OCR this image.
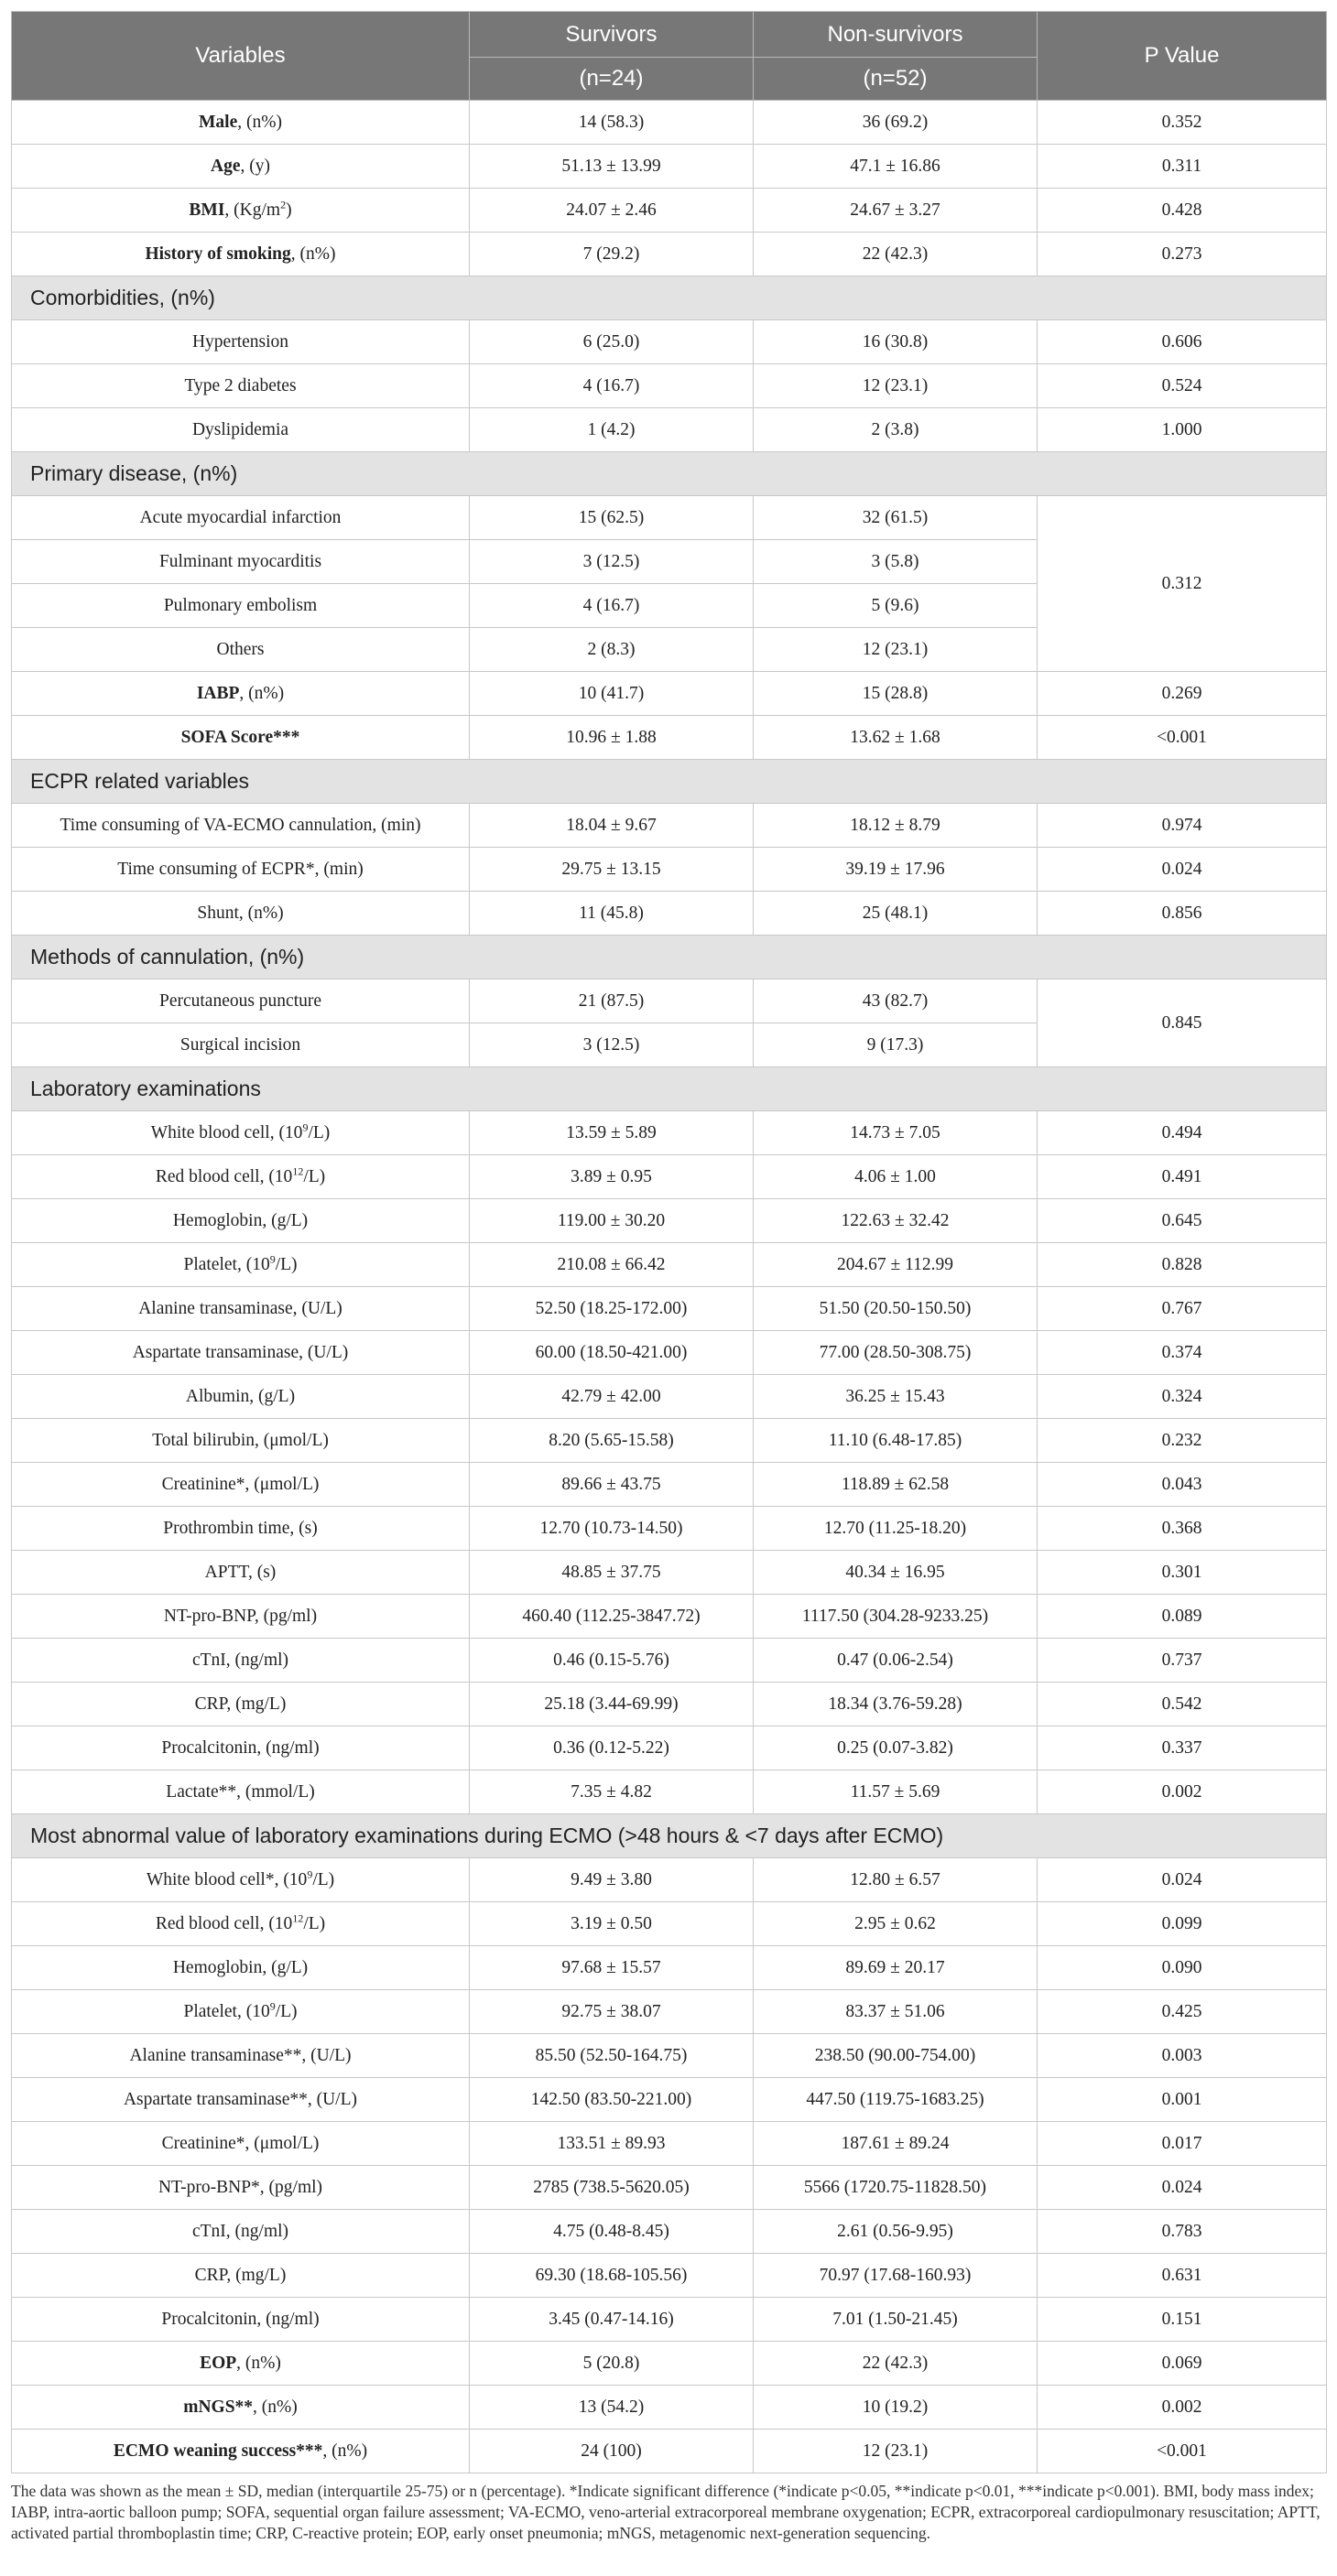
Variables	Survivors	Non-survivors	P Value
	(n=24)	(n=52)	
Male, (n%)	14 (58.3)	36 (69.2)	0.352
Age, (y)	51.13 ± 13.99	47.1 ± 16.86	0.311
BMI, $(Kg/m^2)$	24.07 ± 2.46	24.67 ± 3.27	0.428
History of smoking, (n%)	7 (29.2)	22 (42.3)	0.273
Comorbidities, (n%)			
Hypertension	6 (25.0)	16 (30.8)	0.606
Type 2 diabetes	4 (16.7)	12 (23.1)	0.524
Dyslipidemia	1 (4.2)	2 (3.8)	1.000
Primary disease, (n%)			
Acute myocardial infarction	15 (62.5)	32 (61.5)	0.312
Fulminant myocarditis	3 (12.5)	3 (5.8)	
Pulmonary embolism	4 (16.7)	5 (9.6)	
Others	2 (8.3)	12 (23.1)	
IABP, (n%)	10 (41.7)	15 (28.8)	0.269
SOFA Score***	10.96 ± 1.88	13.62 ± 1.68	<0.001
ECPR related variables			
Time consuming of VA-ECMO cannulation, (min)	18.04 ± 9.67	18.12 ± 8.79	0.974
Time consuming of ECPR*, (min)	29.75 ± 13.15	39.19 ± 17.96	0.024
Shunt, (n%)	11 (45.8)	25 (48.1)	0.856
Methods of cannulation, (n%)			
Percutaneous puncture	21 (87.5)	43 (82.7)	0.845
Surgical incision	3 (12.5)	9 (17.3)	
Laboratory examinations			
White blood cell, $(10^9/L)$	13.59 ± 5.89	14.73 ± 7.05	0.494
Red blood cell, $(10^{12}/L)$	3.89 ± 0.95	4.06 ± 1.00	0.491
Hemoglobin, (g/L)	119.00 ± 30.20	122.63 ± 32.42	0.645
Platelet, $(10^9/L)$	210.08 ± 66.42	204.67 ± 112.99	0.828
Alanine transaminase, (U/L)	52.50 (18.25-172.00)	51.50 (20.50-150.50)	0.767
Aspartate transaminase, (U/L)	60.00 (18.50-421.00)	77.00 (28.50-308.75)	0.374
Albumin, (g/L)	42.79 ± 42.00	36.25 ± 15.43	0.324
Total bilirubin, (μmol/L)	8.20 (5.65-15.58)	11.10 (6.48-17.85)	0.232
Creatinine*, (μmol/L)	89.66 ± 43.75	118.89 ± 62.58	0.043
Prothrombin time, (s)	12.70 (10.73-14.50)	12.70 (11.25-18.20)	0.368
APTT, (s)	48.85 ± 37.75	40.34 ± 16.95	0.301
NT-pro-BNP, (pg/ml)	460.40 (112.25-3847.72)	1117.50 (304.28-9233.25)	0.089
cTnI, (ng/ml)	0.46 (0.15-5.76)	0.47 (0.06-2.54)	0.737
CRP, (mg/L)	25.18 (3.44-69.99)	18.34 (3.76-59.28)	0.542
Procalcitonin, (ng/ml)	0.36 (0.12-5.22)	0.25 (0.07-3.82)	0.337
Lactate**, (mmol/L)	7.35 ± 4.82	11.57 ± 5.69	0.002
Most abnormal value of laboratory examinations during ECMO (>48 hours & <7 days after ECMO)			
White blood cell*, $(10^9/L)$	9.49 ± 3.80	12.80 ± 6.57	0.024
Red blood cell, $(10^{12}/L)$	3.19 ± 0.50	2.95 ± 0.62	0.099
Hemoglobin, (g/L)	97.68 ± 15.57	89.69 ± 20.17	0.090
Platelet, $(10^9/L)$	92.75 ± 38.07	83.37 ± 51.06	0.425
Alanine transaminase**, (U/L)	85.50 (52.50-164.75)	238.50 (90.00-754.00)	0.003
Aspartate transaminase**, (U/L)	142.50 (83.50-221.00)	447.50 (119.75-1683.25)	0.001
Creatinine*, (μmol/L)	133.51 ± 89.93	187.61 ± 89.24	0.017
NT-pro-BNP*, (pg/ml)	2785 (738.5-5620.05)	5566 (1720.75-11828.50)	0.024
cTnI, (ng/ml)	4.75 (0.48-8.45)	2.61 (0.56-9.95)	0.783
CRP, (mg/L)	69.30 (18.68-105.56)	70.97 (17.68-160.93)	0.631
Procalcitonin, (ng/ml)	3.45 (0.47-14.16)	7.01 (1.50-21.45)	0.151
EOP, (n%)	5 (20.8)	22 (42.3)	0.069
mNGS**, (n%)	13 (54.2)	10 (19.2)	0.002
ECMO weaning success***, (n%)	24 (100)	12 (23.1)	<0.001
The data was shown as the mean ± SD, median (interquartile 25-75) or n (percentage). *Indicate significant difference (*indicate p<0.05, **indicate p<0.01, ***indicate p<0.001). BMI, body mass index; IABP, intra-aortic balloon pump; SOFA, sequential organ failure assessment; VA-ECMO, veno-arterial extracorporeal membrane oxygenation; ECPR, extracorporeal cardiopulmonary resuscitation; APTT, activated partial thromboplastin time; CRP, C-reactive protein; EOP, early onset pneumonia; mNGS, metagenomic next-generation sequencing.
